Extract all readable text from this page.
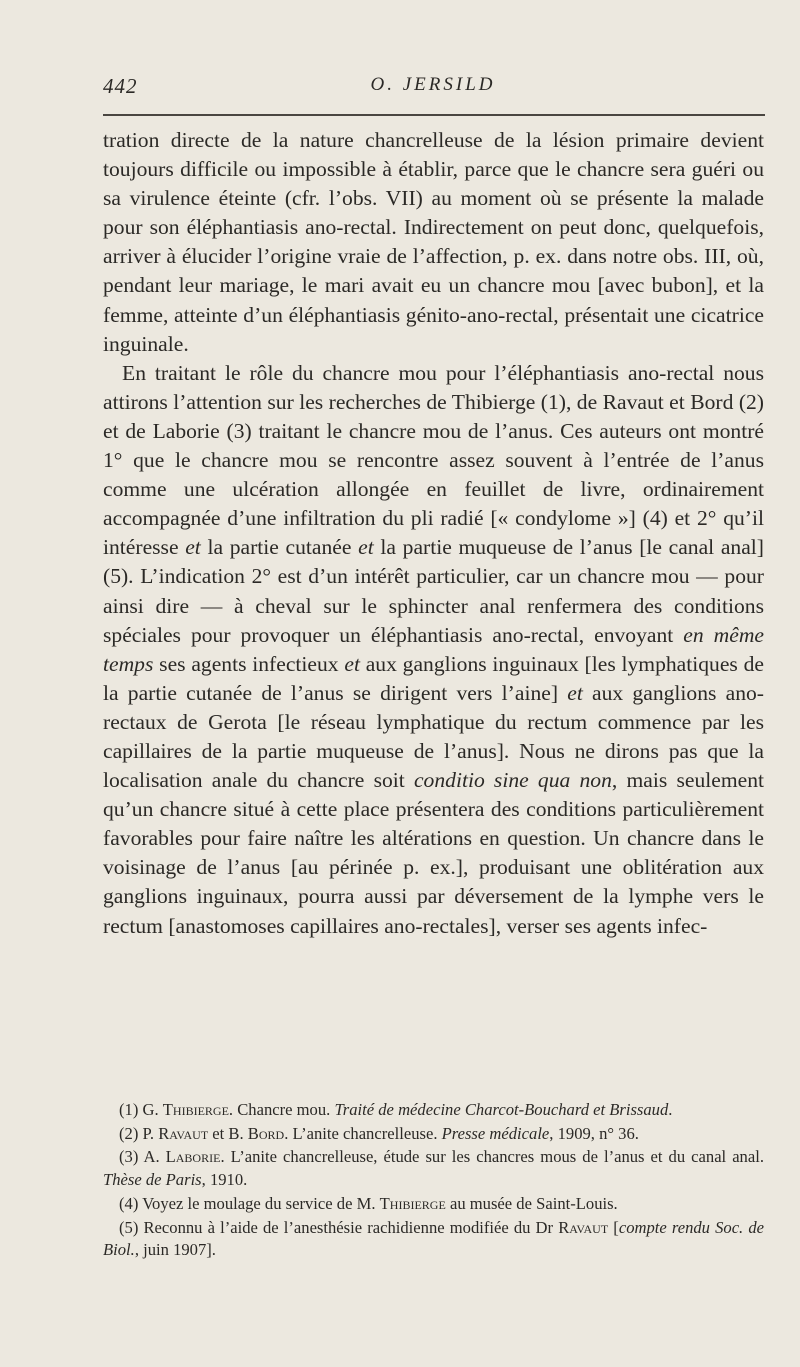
442	O. JERSILD

tration directe de la nature chancrelleuse de la lésion primaire devient toujours difficile ou impossible à établir, parce que le chancre sera guéri ou sa virulence éteinte (cfr. l’obs. VII) au moment où se présente la malade pour son éléphantiasis ano-rectal. Indirectement on peut donc, quelquefois, arriver à élucider l’origine vraie de l’affection, p. ex. dans notre obs. III, où, pendant leur mariage, le mari avait eu un chancre mou [avec bubon], et la femme, atteinte d’un éléphantiasis génito-ano-rectal, présentait une cicatrice inguinale.

En traitant le rôle du chancre mou pour l’éléphantiasis ano-rectal nous attirons l’attention sur les recherches de Thibierge (1), de Ravaut et Bord (2) et de Laborie (3) traitant le chancre mou de l’anus. Ces auteurs ont montré 1° que le chancre mou se rencontre assez souvent à l’entrée de l’anus comme une ulcération allongée en feuillet de livre, ordinairement accompagnée d’une infiltration du pli radié [« condylome »] (4) et 2° qu’il intéresse et la partie cutanée et la partie muqueuse de l’anus [le canal anal] (5). L’indication 2° est d’un intérêt particulier, car un chancre mou — pour ainsi dire — à cheval sur le sphincter anal renfermera des conditions spéciales pour provoquer un éléphantiasis ano-rectal, envoyant en même temps ses agents infectieux et aux ganglions inguinaux [les lymphatiques de la partie cutanée de l’anus se dirigent vers l’aine] et aux ganglions ano-rectaux de Gerota [le réseau lymphatique du rectum commence par les capillaires de la partie muqueuse de l’anus]. Nous ne dirons pas que la localisation anale du chancre soit conditio sine qua non, mais seulement qu’un chancre situé à cette place présentera des conditions particulièrement favorables pour faire naître les altérations en question. Un chancre dans le voisinage de l’anus [au périnée p. ex.], produisant une oblitération aux ganglions inguinaux, pourra aussi par déversement de la lymphe vers le rectum [anastomoses capillaires ano-rectales], verser ses agents infec-

(1) G. Thibierge. Chancre mou. Traité de médecine Charcot-Bouchard et Brissaud.

(2) P. Ravaut et B. Bord. L’anite chancrelleuse. Presse médicale, 1909, n° 36.

(3) A. Laborie. L’anite chancrelleuse, étude sur les chancres mous de l’anus et du canal anal. Thèse de Paris, 1910.

(4) Voyez le moulage du service de M. Thibierge au musée de Saint-Louis.

(5) Reconnu à l’aide de l’anesthésie rachidienne modifiée du Dr Ravaut [compte rendu Soc. de Biol., juin 1907].
